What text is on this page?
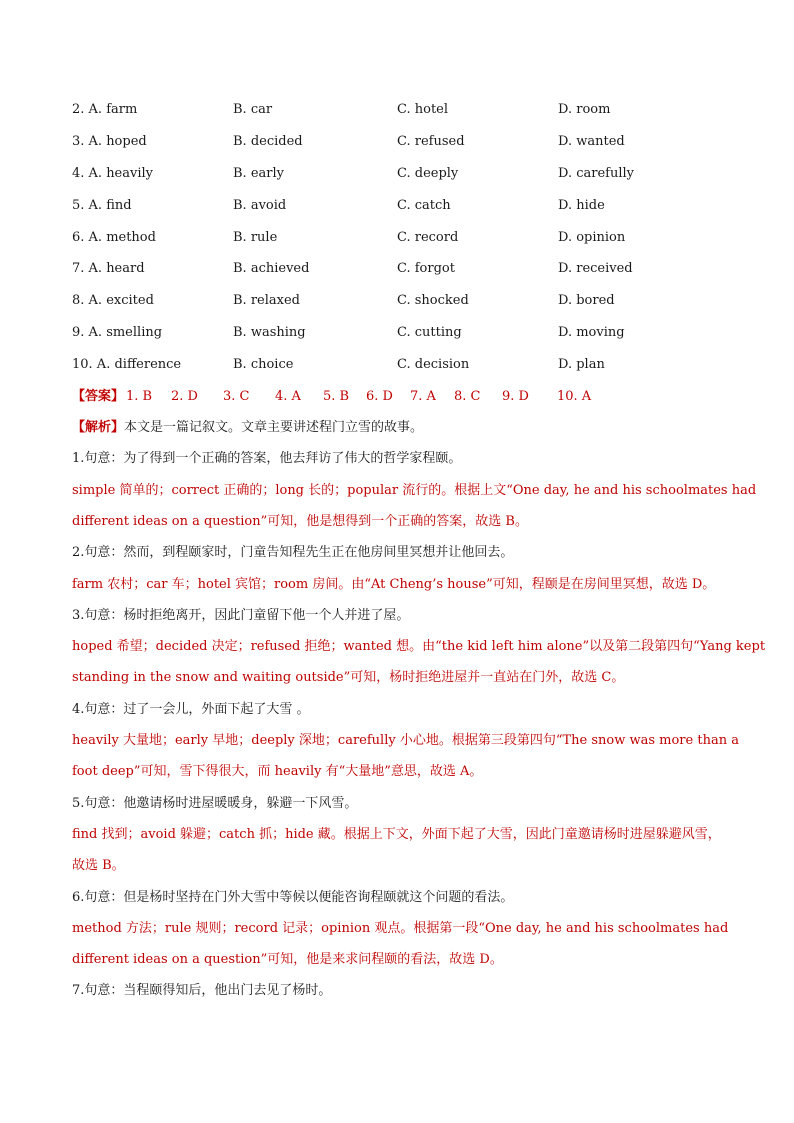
2. A. farm	B. car	C. hotel	D. room
3. A. hoped	B. decided	C. refused	D. wanted
4. A. heavily	B. early	C. deeply	D. carefully
5. A. find	B. avoid	C. catch	D. hide
6. A. method	B. rule	C. record	D. opinion
7. A. heard	B. achieved	C. forgot	D. received
8. A. excited	B. relaxed	C. shocked	D. bored
9. A. smelling	B. washing	C. cutting	D. moving
10. A. difference	B. choice	C. decision	D. plan
【答案】 1. B 2. D 3. C 4. A 5. B 6. D 7. A 8. C 9. D 10. A
【解析】本文是一篇记叙文。文章主要讲述程门立雪的故事。
1.句意：为了得到一个正确的答案，他去拜访了伟大的哲学家程颐。
simple 简单的；correct 正确的；long 长的；popular 流行的。根据上文“One day, he and his schoolmates had
different ideas on a question”可知，他是想得到一个正确的答案，故选 B。
2.句意：然而，到程颐家时，门童告知程先生正在他房间里冥想并让他回去。
farm 农村；car 车；hotel 宾馆；room 房间。由“At Cheng’s house”可知，程颐是在房间里冥想，故选 D。
3.句意：杨时拒绝离开，因此门童留下他一个人并进了屋。
hoped 希望；decided 决定；refused 拒绝；wanted 想。由“the kid left him alone”以及第二段第四句“Yang kept
standing in the snow and waiting outside”可知，杨时拒绝进屋并一直站在门外，故选 C。
4.句意：过了一会儿，外面下起了大雪 。
heavily 大量地；early 早地；deeply 深地；carefully 小心地。根据第三段第四句“The snow was more than a
foot deep”可知，雪下得很大，而 heavily 有“大量地”意思，故选 A。
5.句意：他邀请杨时进屋暖暖身，躲避一下风雪。
find 找到；avoid 躲避；catch 抓；hide 藏。根据上下文，外面下起了大雪，因此门童邀请杨时进屋躲避风雪，
故选 B。
6.句意：但是杨时坚持在门外大雪中等候以便能咨询程颐就这个问题的看法。
method 方法；rule 规则；record 记录；opinion 观点。根据第一段“One day, he and his schoolmates had
different ideas on a question”可知，他是来求问程颐的看法，故选 D。
7.句意：当程颐得知后，他出门去见了杨时。
